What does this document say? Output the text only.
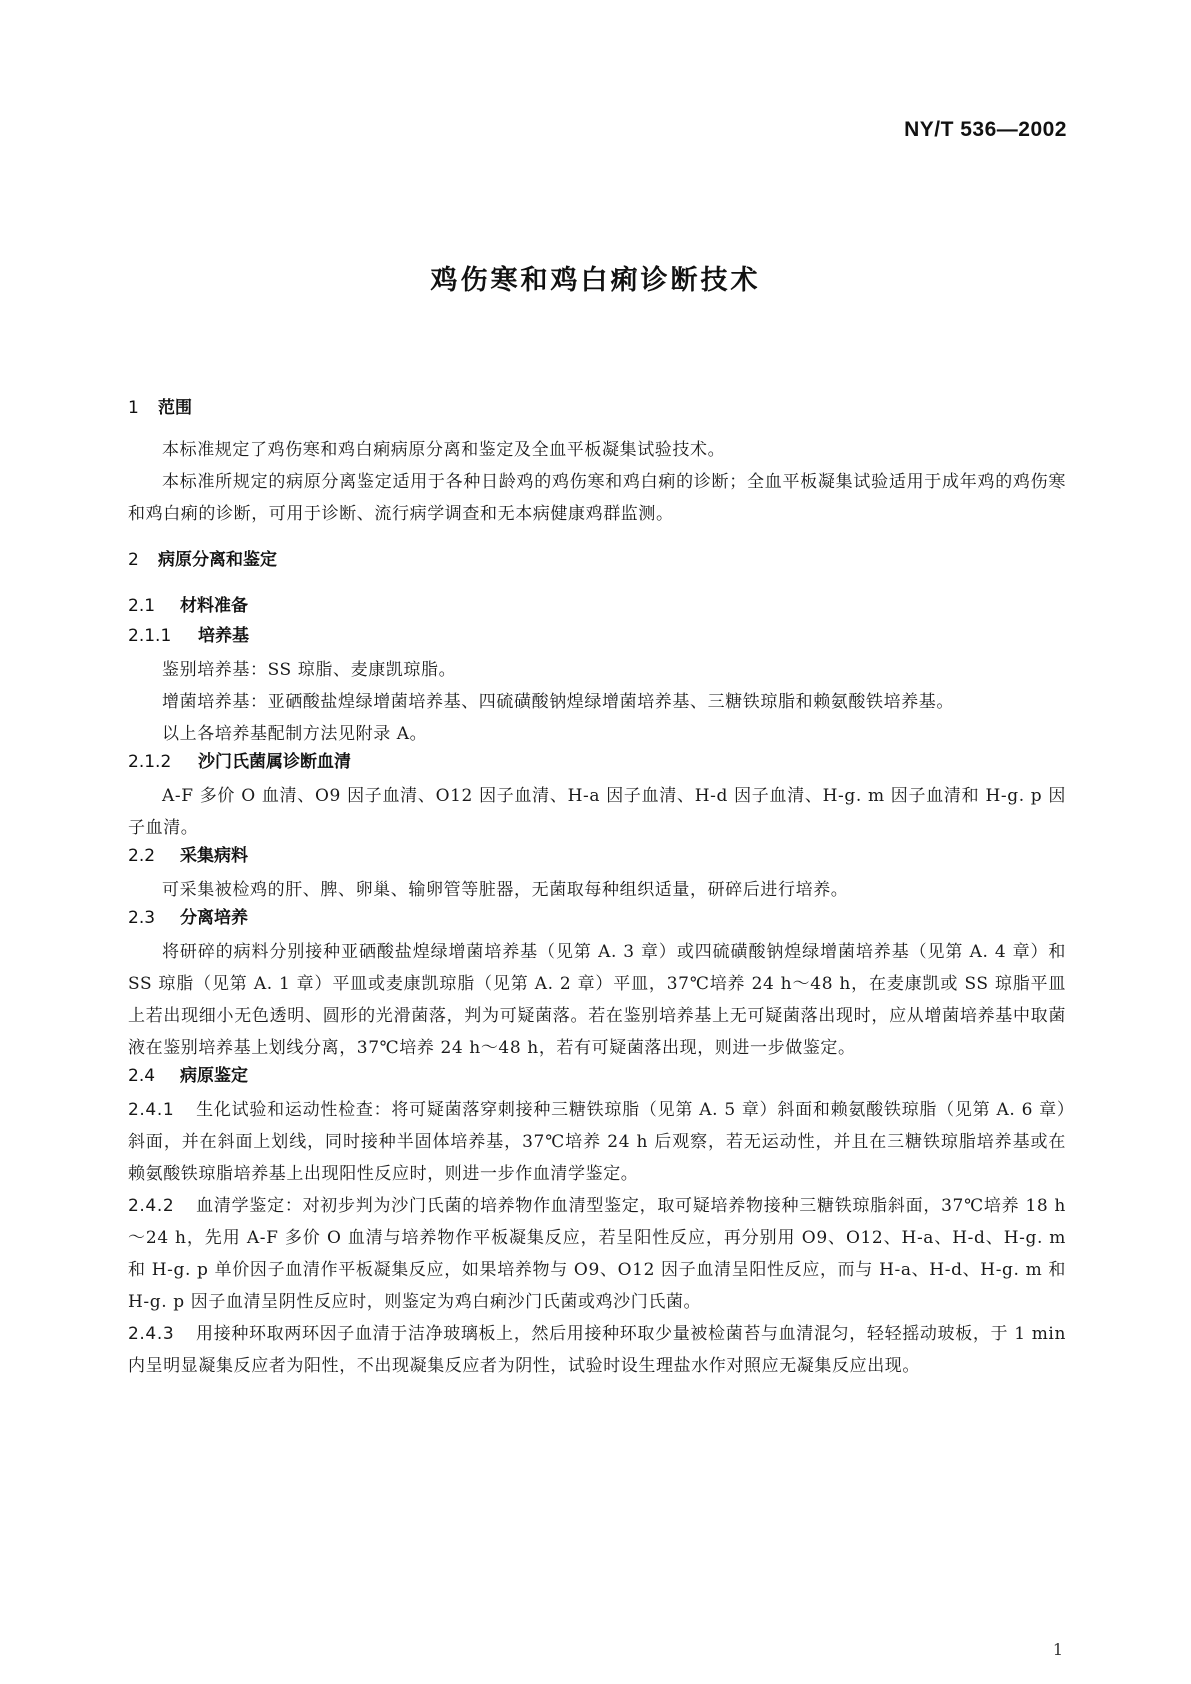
NY/T 536—2002
鸡伤寒和鸡白痢诊断技术
1 范围

本标准规定了鸡伤寒和鸡白痢病原分离和鉴定及全血平板凝集试验技术。

本标准所规定的病原分离鉴定适用于各种日龄鸡的鸡伤寒和鸡白痢的诊断；全血平板凝集试验适用于成年鸡的鸡伤寒和鸡白痢的诊断，可用于诊断、流行病学调查和无本病健康鸡群监测。

2 病原分离和鉴定
2.1 材料准备
2.1.1 培养基

鉴别培养基：SS 琼脂、麦康凯琼脂。

增菌培养基：亚硒酸盐煌绿增菌培养基、四硫磺酸钠煌绿增菌培养基、三糖铁琼脂和赖氨酸铁培养基。

以上各培养基配制方法见附录 A。

2.1.2 沙门氏菌属诊断血清

A-F 多价 O 血清、O9 因子血清、O12 因子血清、H-a 因子血清、H-d 因子血清、H-g. m 因子血清和 H-g. p 因子血清。

2.2 采集病料

可采集被检鸡的肝、脾、卵巢、输卵管等脏器，无菌取每种组织适量，研碎后进行培养。

2.3 分离培养

将研碎的病料分别接种亚硒酸盐煌绿增菌培养基（见第 A. 3 章）或四硫磺酸钠煌绿增菌培养基（见第 A. 4 章）和 SS 琼脂（见第 A. 1 章）平皿或麦康凯琼脂（见第 A. 2 章）平皿，37℃培养 24 h～48 h，在麦康凯或 SS 琼脂平皿上若出现细小无色透明、圆形的光滑菌落，判为可疑菌落。若在鉴别培养基上无可疑菌落出现时，应从增菌培养基中取菌液在鉴别培养基上划线分离，37℃培养 24 h～48 h，若有可疑菌落出现，则进一步做鉴定。

2.4 病原鉴定

2.4.1 生化试验和运动性检查：将可疑菌落穿刺接种三糖铁琼脂（见第 A. 5 章）斜面和赖氨酸铁琼脂（见第 A. 6 章）斜面，并在斜面上划线，同时接种半固体培养基，37℃培养 24 h 后观察，若无运动性，并且在三糖铁琼脂培养基或在赖氨酸铁琼脂培养基上出现阳性反应时，则进一步作血清学鉴定。

2.4.2 血清学鉴定：对初步判为沙门氏菌的培养物作血清型鉴定，取可疑培养物接种三糖铁琼脂斜面，37℃培养 18 h～24 h，先用 A-F 多价 O 血清与培养物作平板凝集反应，若呈阳性反应，再分别用 O9、O12、H-a、H-d、H-g. m 和 H-g. p 单价因子血清作平板凝集反应，如果培养物与 O9、O12 因子血清呈阳性反应，而与 H-a、H-d、H-g. m 和 H-g. p 因子血清呈阴性反应时，则鉴定为鸡白痢沙门氏菌或鸡沙门氏菌。

2.4.3 用接种环取两环因子血清于洁净玻璃板上，然后用接种环取少量被检菌苔与血清混匀，轻轻摇动玻板，于 1 min 内呈明显凝集反应者为阳性，不出现凝集反应者为阴性，试验时设生理盐水作对照应无凝集反应出现。

1
